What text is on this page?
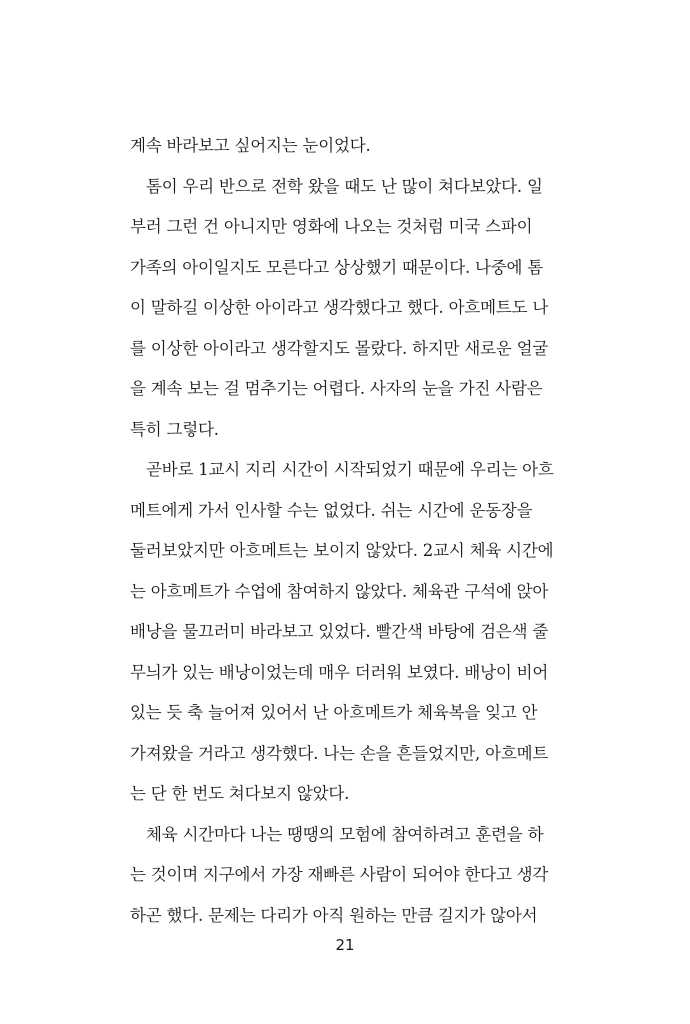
계속 바라보고 싶어지는 눈이었다.
톰이 우리 반으로 전학 왔을 때도 난 많이 쳐다보았다. 일
부러 그런 건 아니지만 영화에 나오는 것처럼 미국 스파이
가족의 아이일지도 모른다고 상상했기 때문이다. 나중에 톰
이 말하길 이상한 아이라고 생각했다고 했다. 아흐메트도 나
를 이상한 아이라고 생각할지도 몰랐다. 하지만 새로운 얼굴
을 계속 보는 걸 멈추기는 어렵다. 사자의 눈을 가진 사람은
특히 그렇다.
곧바로 1교시 지리 시간이 시작되었기 때문에 우리는 아흐
메트에게 가서 인사할 수는 없었다. 쉬는 시간에 운동장을
둘러보았지만 아흐메트는 보이지 않았다. 2교시 체육 시간에
는 아흐메트가 수업에 참여하지 않았다. 체육관 구석에 앉아
배낭을 물끄러미 바라보고 있었다. 빨간색 바탕에 검은색 줄
무늬가 있는 배낭이었는데 매우 더러워 보였다. 배낭이 비어
있는 듯 축 늘어져 있어서 난 아흐메트가 체육복을 잊고 안
가져왔을 거라고 생각했다. 나는 손을 흔들었지만, 아흐메트
는 단 한 번도 쳐다보지 않았다.
체육 시간마다 나는 땡땡의 모험에 참여하려고 훈련을 하
는 것이며 지구에서 가장 재빠른 사람이 되어야 한다고 생각
하곤 했다. 문제는 다리가 아직 원하는 만큼 길지가 않아서
21
